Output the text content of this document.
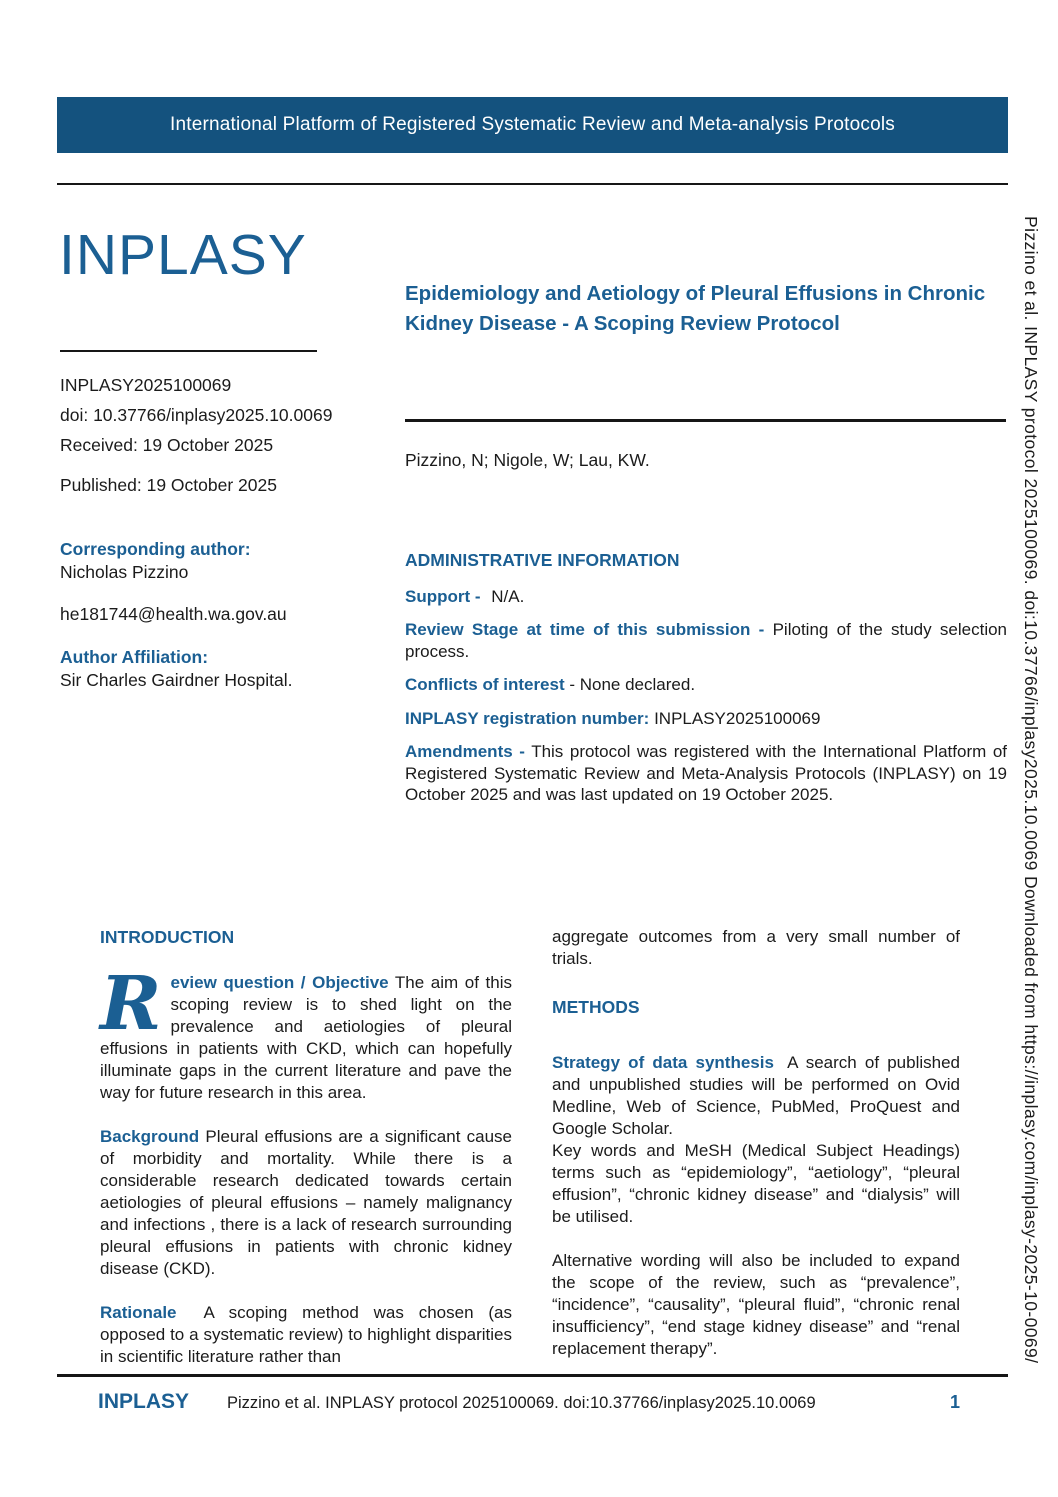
International Platform of Registered Systematic Review and Meta-analysis Protocols
INPLASY
INPLASY2025100069
doi: 10.37766/inplasy2025.10.0069
Received: 19 October 2025
Published: 19 October 2025
Corresponding author:
Nicholas Pizzino
he181744@health.wa.gov.au
Author Affiliation:
Sir Charles Gairdner Hospital.
Epidemiology and Aetiology of Pleural Effusions in Chronic Kidney Disease - A Scoping Review Protocol
Pizzino, N; Nigole, W; Lau, KW.
ADMINISTRATIVE INFORMATION

Support - N/A.

Review Stage at time of this submission - Piloting of the study selection process.

Conflicts of interest - None declared.

INPLASY registration number: INPLASY2025100069

Amendments - This protocol was registered with the International Platform of Registered Systematic Review and Meta-Analysis Protocols (INPLASY) on 19 October 2025 and was last updated on 19 October 2025.

INTRODUCTION

Review question / Objective The aim of this scoping review is to shed light on the prevalence and aetiologies of pleural effusions in patients with CKD, which can hopefully illuminate gaps in the current literature and pave the way for future research in this area.

Background Pleural effusions are a significant cause of morbidity and mortality. While there is a considerable research dedicated towards certain aetiologies of pleural effusions – namely malignancy and infections , there is a lack of research surrounding pleural effusions in patients with chronic kidney disease (CKD).

Rationale A scoping method was chosen (as opposed to a systematic review) to highlight disparities in scientific literature rather than

aggregate outcomes from a very small number of trials.

METHODS
Strategy of data synthesis A search of published and unpublished studies will be performed on Ovid Medline, Web of Science, PubMed, ProQuest and Google Scholar.
Key words and MeSH (Medical Subject Headings) terms such as “epidemiology”, “aetiology”, “pleural effusion”, “chronic kidney disease” and “dialysis” will be utilised.

Alternative wording will also be included to expand the scope of the review, such as “prevalence”, “incidence”, “causality”, “pleural fluid”, “chronic renal insufficiency”, “end stage kidney disease” and “renal replacement therapy”.

INPLASY Pizzino et al. INPLASY protocol 2025100069. doi:10.37766/inplasy2025.10.0069	1
Pizzino et al. INPLASY protocol 2025100069. doi:10.37766/inplasy2025.10.0069 Downloaded from https://inplasy.com/inplasy-2025-10-0069/
